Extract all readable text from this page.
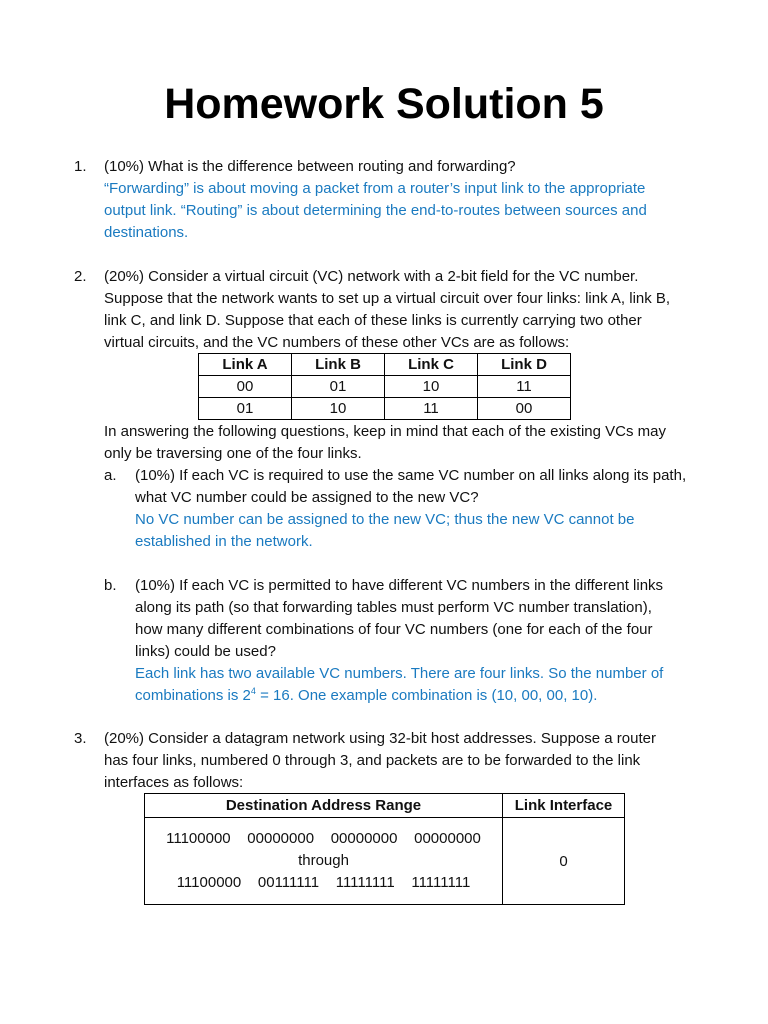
Homework Solution 5
1.	(10%) What is the difference between routing and forwarding?
“Forwarding” is about moving a packet from a router’s input link to the appropriate
output link. “Routing” is about determining the end-to-routes between sources and
destinations.
2.	(20%) Consider a virtual circuit (VC) network with a 2-bit field for the VC number.
Suppose that the network wants to set up a virtual circuit over four links: link A, link B,
link C, and link D. Suppose that each of these links is currently carrying two other
virtual circuits, and the VC numbers of these other VCs are as follows:
Link A	Link B	Link C	Link D
00	01	10	11
01	10	11	00
In answering the following questions, keep in mind that each of the existing VCs may
only be traversing one of the four links.
a.	(10%) If each VC is required to use the same VC number on all links along its path,
what VC number could be assigned to the new VC?
No VC number can be assigned to the new VC; thus the new VC cannot be
established in the network.
b.	(10%) If each VC is permitted to have different VC numbers in the different links
along its path (so that forwarding tables must perform VC number translation),
how many different combinations of four VC numbers (one for each of the four
links) could be used?
Each link has two available VC numbers. There are four links. So the number of
combinations is $2^4 = 16$. One example combination is (10, 00, 00, 10).
3.	(20%) Consider a datagram network using 32-bit host addresses. Suppose a router
has four links, numbered 0 through 3, and packets are to be forwarded to the link
interfaces as follows:
Destination Address Range	Link Interface

11100000    00000000    00000000    00000000
through
11100000    00111111    11111111    11111111	0
